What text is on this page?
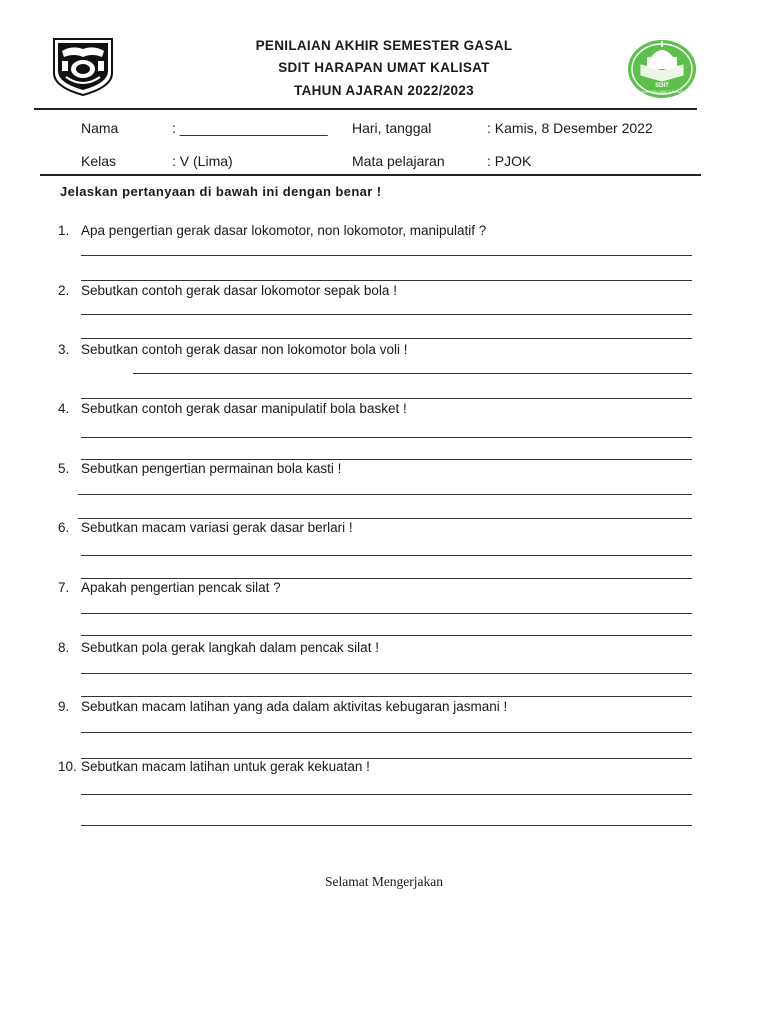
PENILAIAN AKHIR SEMESTER GASAL
SDIT HARAPAN UMAT KALISAT
TAHUN AJARAN 2022/2023	SDIT
HARAPAN UMAT KALISAT
Nama	: ___________________ Hari, tanggal	: Kamis, 8 Desember 2022
Kelas	: V (Lima)	Mata pelajaran	: PJOK
Jelaskan pertanyaan di bawah ini dengan benar !
1. Apa pengertian gerak dasar lokomotor, non lokomotor, manipulatif ?
2. Sebutkan contoh gerak dasar lokomotor sepak bola !
3. Sebutkan contoh gerak dasar non lokomotor bola voli !
4. Sebutkan contoh gerak dasar manipulatif bola basket !
5. Sebutkan pengertian permainan bola kasti !
6. Sebutkan macam variasi gerak dasar berlari !
7. Apakah pengertian pencak silat ?
8. Sebutkan pola gerak langkah dalam pencak silat !
9. Sebutkan macam latihan yang ada dalam aktivitas kebugaran jasmani !
10. Sebutkan macam latihan untuk gerak kekuatan !
Selamat Mengerjakan
